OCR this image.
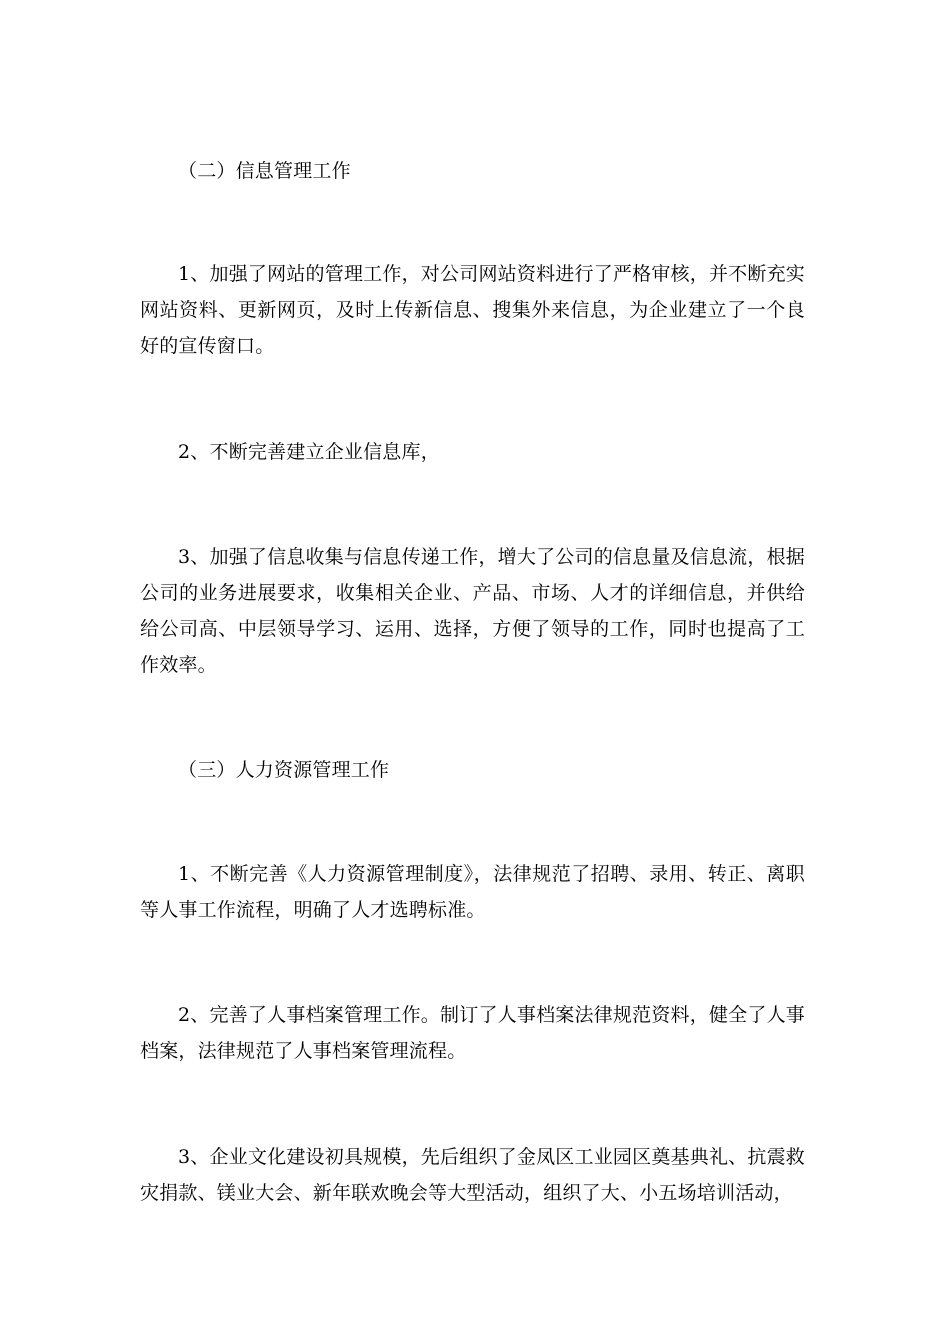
（二）信息管理工作

1、加强了网站的管理工作，对公司网站资料进行了严格审核，并不断充实网站资料、更新网页，及时上传新信息、搜集外来信息，为企业建立了一个良好的宣传窗口。

2、不断完善建立企业信息库，

3、加强了信息收集与信息传递工作，增大了公司的信息量及信息流，根据公司的业务进展要求，收集相关企业、产品、市场、人才的详细信息，并供给给公司高、中层领导学习、运用、选择，方便了领导的工作，同时也提高了工作效率。

（三）人力资源管理工作

1、不断完善《人力资源管理制度》，法律规范了招聘、录用、转正、离职等人事工作流程，明确了人才选聘标准。

2、完善了人事档案管理工作。制订了人事档案法律规范资料，健全了人事档案，法律规范了人事档案管理流程。

3、企业文化建设初具规模，先后组织了金凤区工业园区奠基典礼、抗震救灾捐款、镁业大会、新年联欢晚会等大型活动，组织了大、小五场培训活动，
